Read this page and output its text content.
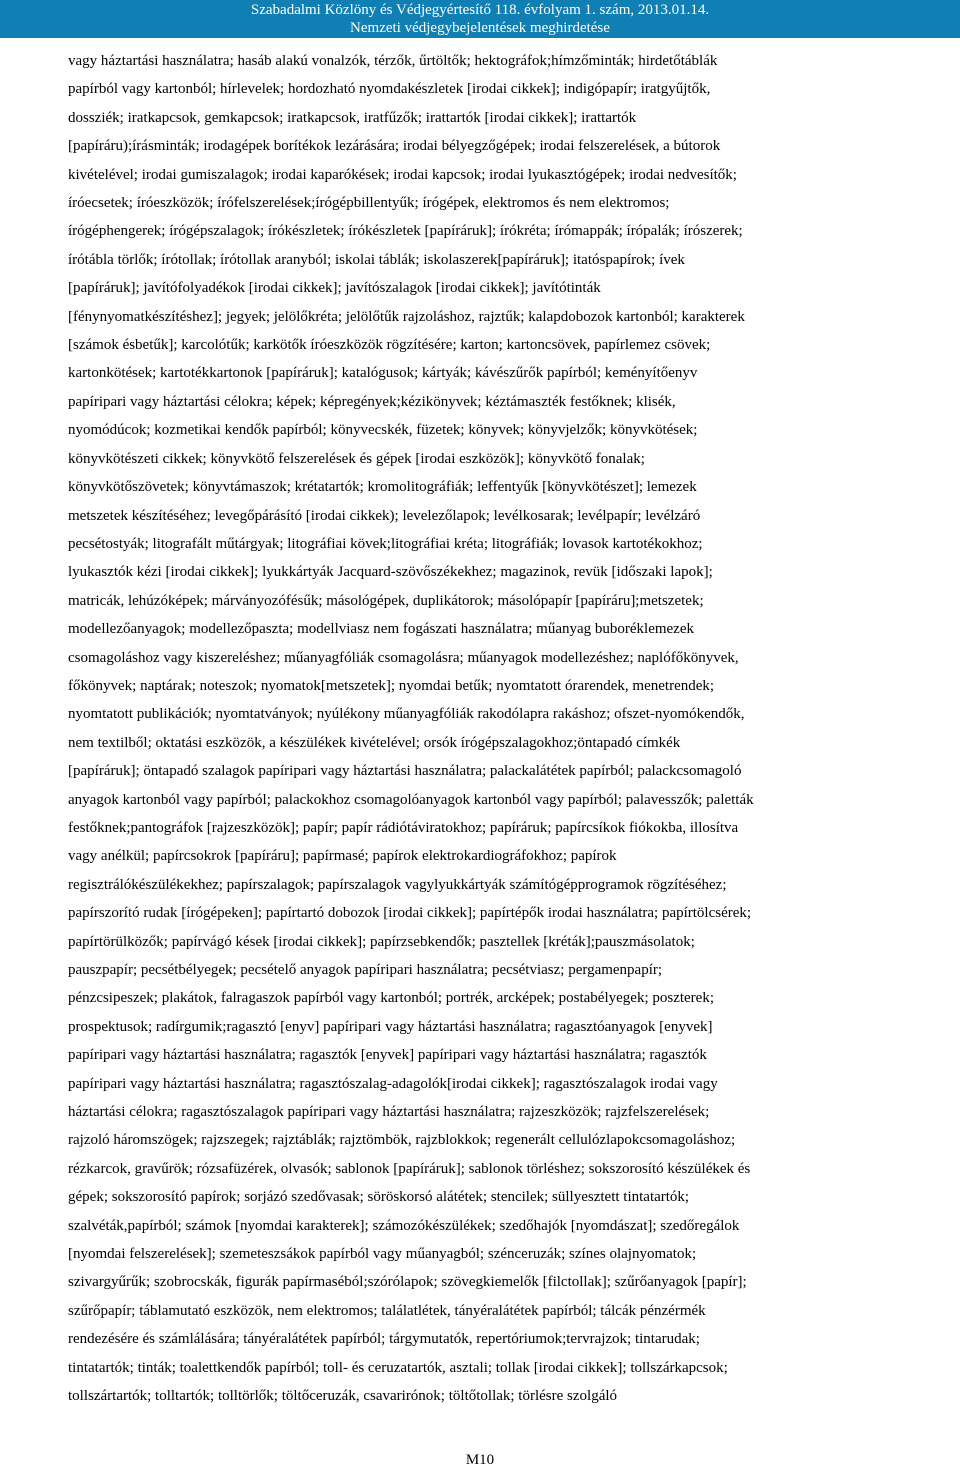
Szabadalmi Közlöny és Védjegyértesítő 118. évfolyam 1. szám, 2013.01.14.
Nemzeti védjegybejelentések meghirdetése
vagy háztartási használatra; hasáb alakú vonalzók, térzők, űrtöltők; hektográfok;hímzőminták; hirdetőtáblák
papírból vagy kartonból; hírlevelek; hordozható nyomdakészletek [irodai cikkek]; indigópapír; iratgyűjtők,
dossziék; iratkapcsok, gemkapcsok; iratkapcsok, iratfűzők; irattartók [irodai cikkek]; irattartók
[papíráru);írásminták; irodagépek borítékok lezárására; irodai bélyegzőgépek; irodai felszerelések, a bútorok
kivételével; irodai gumiszalagok; irodai kaparókések; irodai kapcsok; irodai lyukasztógépek; irodai nedvesítők;
íróecsetek; íróeszközök; írófelszerelések;írógépbillentyűk; írógépek, elektromos és nem elektromos;
írógéphengerek; írógépszalagok; írókészletek; írókészletek [papíráruk]; írókréta; írómappák; írópalák; írószerek;
írótábla törlők; írótollak; írótollak aranyból; iskolai táblák; iskolaszerek[papíráruk]; itatóspapírok; ívek
[papíráruk]; javítófolyadékok [irodai cikkek]; javítószalagok [irodai cikkek]; javítótinták
[fénynyomatkészítéshez]; jegyek; jelölőkréta; jelölőtűk rajzoláshoz, rajztűk; kalapdobozok kartonból; karakterek
[számok ésbetűk]; karcolótűk; karkötők íróeszközök rögzítésére; karton; kartoncsövek, papírlemez csövek;
kartonkötések; kartotékkartonok [papíráruk]; katalógusok; kártyák; kávészűrők papírból; keményítőenyv
papíripari vagy háztartási célokra; képek; képregények;kézikönyvek; kéztámaszték festőknek; klisék,
nyomódúcok; kozmetikai kendők papírból; könyvecskék, füzetek; könyvek; könyvjelzők; könyvkötések;
könyvkötészeti cikkek; könyvkötő felszerelések és gépek [irodai eszközök]; könyvkötő fonalak;
könyvkötőszövetek; könyvtámaszok; krétatartók; kromolitográfiák; leffentyűk [könyvkötészet]; lemezek
metszetek készítéséhez; levegőpárásító [irodai cikkek); levelezőlapok; levélkosarak; levélpapír; levélzáró
pecsétostyák; litografált műtárgyak; litográfiai kövek;litográfiai kréta; litográfiák; lovasok kartotékokhoz;
lyukasztók kézi [irodai cikkek]; lyukkártyák Jacquard-szövőszékekhez; magazinok, revük [időszaki lapok];
matricák, lehúzóképek; márványozófésűk; másológépek, duplikátorok; másolópapír [papíráru];metszetek;
modellezőanyagok; modellezőpaszta; modellviasz nem fogászati használatra; műanyag buboréklemezek
csomagoláshoz vagy kiszereléshez; műanyagfóliák csomagolásra; műanyagok modellezéshez; naplófőkönyvek,
főkönyvek; naptárak; noteszok; nyomatok[metszetek]; nyomdai betűk; nyomtatott órarendek, menetrendek;
nyomtatott publikációk; nyomtatványok; nyúlékony műanyagfóliák rakodólapra rakáshoz; ofszet-nyomókendők,
nem textilből; oktatási eszközök, a készülékek kivételével; orsók írógépszalagokhoz;öntapadó címkék
[papíráruk]; öntapadó szalagok papíripari vagy háztartási használatra; palackalátétek papírból; palackcsomagoló
anyagok kartonból vagy papírból; palackokhoz csomagolóanyagok kartonból vagy papírból; palavesszők; paletták
festőknek;pantográfok [rajzeszközök]; papír; papír rádiótáviratokhoz; papíráruk; papírcsíkok fiókokba, illosítva
vagy anélkül; papírcsokrok [papíráru]; papírmasé; papírok elektrokardiográfokhoz; papírok
regisztrálókészülékekhez; papírszalagok; papírszalagok vagylyukkártyák számítógépprogramok rögzítéséhez;
papírszorító rudak [írógépeken]; papírtartó dobozok [irodai cikkek]; papírtépők irodai használatra; papírtölcsérek;
papírtörülközők; papírvágó kések [irodai cikkek]; papírzsebkendők; pasztellek [kréták];pauszmásolatok;
pauszpapír; pecsétbélyegek; pecsételő anyagok papíripari használatra; pecsétviasz; pergamenpapír;
pénzcsipeszek; plakátok, falragaszok papírból vagy kartonból; portrék, arcképek; postabélyegek; poszterek;
prospektusok; radírgumik;ragasztó [enyv] papíripari vagy háztartási használatra; ragasztóanyagok [enyvek]
papíripari vagy háztartási használatra; ragasztók [enyvek] papíripari vagy háztartási használatra; ragasztók
papíripari vagy háztartási használatra; ragasztószalag-adagolók[irodai cikkek]; ragasztószalagok irodai vagy
háztartási célokra; ragasztószalagok papíripari vagy háztartási használatra; rajzeszközök; rajzfelszerelések;
rajzoló háromszögek; rajzszegek; rajztáblák; rajztömbök, rajzblokkok; regenerált cellulózlapokcsomagoláshoz;
rézkarcok, gravűrök; rózsafüzérek, olvasók; sablonok [papíráruk]; sablonok törléshez; sokszorosító készülékek és
gépek; sokszorosító papírok; sorjázó szedővasak; söröskorsó alátétek; stencilek; süllyesztett tintatartók;
szalvéták,papírból; számok [nyomdai karakterek]; számozókészülékek; szedőhajók [nyomdászat]; szedőregálok
[nyomdai felszerelések]; szemeteszsákok papírból vagy műanyagból; szénceruzák; színes olajnyomatok;
szivargyűrűk; szobrocskák, figurák papírmaséból;szórólapok; szövegkiemelők [filctollak]; szűrőanyagok [papír];
szűrőpapír; táblamutató eszközök, nem elektromos; találatlétek, tányéralátétek papírból; tálcák pénzérmék
rendezésére és számlálására; tányéralátétek papírból; tárgymutatók, repertóriumok;tervrajzok; tintarudak;
tintatartók; tinták; toalettkendők papírból; toll- és ceruzatartók, asztali; tollak [irodai cikkek]; tollszárkapcsok;
tollszártartók; tolltartók; tolltörlők; töltőceruzák, csavarirónok; töltőtollak; törlésre szolgáló
M10
